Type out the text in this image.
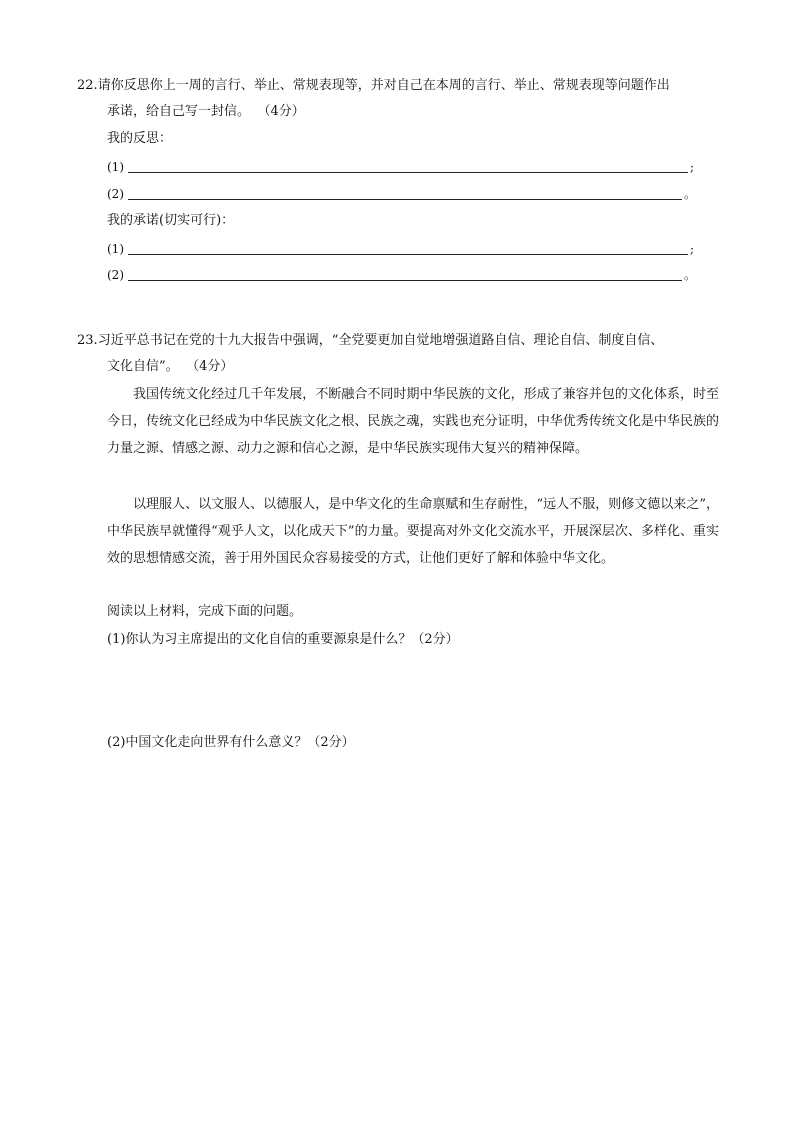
22.请你反思你上一周的言行、举止、常规表现等，并对自己在本周的言行、举止、常规表现等问题作出
承诺，给自己写一封信。 （4分）
我的反思：
(1)	;
(2)	。
我的承诺(切实可行)：
(1)	;
(2)	。
23.习近平总书记在党的十九大报告中强调，“全党要更加自觉地增强道路自信、理论自信、制度自信、
文化自信”。 （4分）
我国传统文化经过几千年发展，不断融合不同时期中华民族的文化，形成了兼容并包的文化体系，时至今日，传统文化已经成为中华民族文化之根、民族之魂，实践也充分证明，中华优秀传统文化是中华民族的力量之源、情感之源、动力之源和信心之源，是中华民族实现伟大复兴的精神保障。
以理服人、以文服人、以德服人，是中华文化的生命禀赋和生存耐性，“远人不服，则修文德以来之”，中华民族早就懂得“观乎人文，以化成天下”的力量。要提高对外文化交流水平，开展深层次、多样化、重实效的思想情感交流，善于用外国民众容易接受的方式，让他们更好了解和体验中华文化。
阅读以上材料，完成下面的问题。
(1)你认为习主席提出的文化自信的重要源泉是什么？（2分）
(2)中国文化走向世界有什么意义？（2分）
